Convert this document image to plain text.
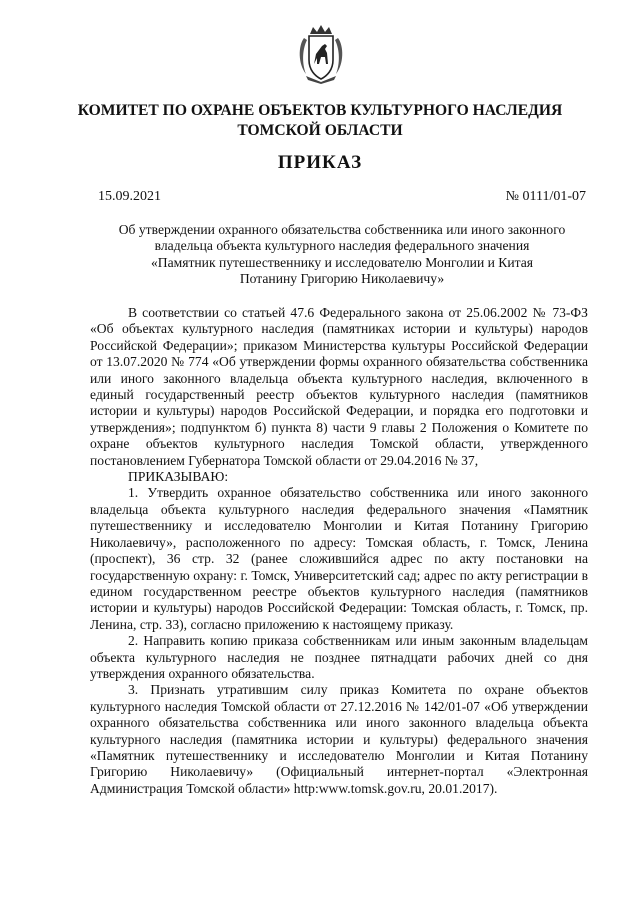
КОМИТЕТ ПО ОХРАНЕ ОБЪЕКТОВ КУЛЬТУРНОГО НАСЛЕДИЯ
ТОМСКОЙ ОБЛАСТИ
ПРИКАЗ
15.09.2021	№ 0111/01-07
Об утверждении охранного обязательства собственника или иного законного
владельца объекта культурного наследия федерального значения
«Памятник путешественнику и исследователю Монголии и Китая
Потанину Григорию Николаевичу»

В соответствии со статьей 47.6 Федерального закона от 25.06.2002 № 73-ФЗ «Об объектах культурного наследия (памятниках истории и культуры) народов Российской Федерации»; приказом Министерства культуры Российской Федерации от 13.07.2020 № 774 «Об утверждении формы охранного обязательства собственника или иного законного владельца объекта культурного наследия, включенного в единый государственный реестр объектов культурного наследия (памятников истории и культуры) народов Российской Федерации, и порядка его подготовки и утверждения»; подпунктом б) пункта 8) части 9 главы 2 Положения о Комитете по охране объектов культурного наследия Томской области, утвержденного постановлением Губернатора Томской области от 29.04.2016 № 37,

ПРИКАЗЫВАЮ:

1. Утвердить охранное обязательство собственника или иного законного владельца объекта культурного наследия федерального значения «Памятник путешественнику и исследователю Монголии и Китая Потанину Григорию Николаевичу», расположенного по адресу: Томская область, г. Томск, Ленина (проспект), 36 стр. 32 (ранее сложившийся адрес по акту постановки на государственную охрану: г. Томск, Университетский сад; адрес по акту регистрации в едином государственном реестре объектов культурного наследия (памятников истории и культуры) народов Российской Федерации: Томская область, г. Томск, пр. Ленина, стр. 33), согласно приложению к настоящему приказу.

2. Направить копию приказа собственникам или иным законным владельцам объекта культурного наследия не позднее пятнадцати рабочих дней со дня утверждения охранного обязательства.

3. Признать утратившим силу приказ Комитета по охране объектов культурного наследия Томской области от 27.12.2016 № 142/01-07 «Об утверждении охранного обязательства собственника или иного законного владельца объекта культурного наследия (памятника истории и культуры) федерального значения «Памятник путешественнику и исследователю Монголии и Китая Потанину Григорию Николаевичу» (Официальный интернет-портал «Электронная Администрация Томской области» http:www.tomsk.gov.ru, 20.01.2017).
